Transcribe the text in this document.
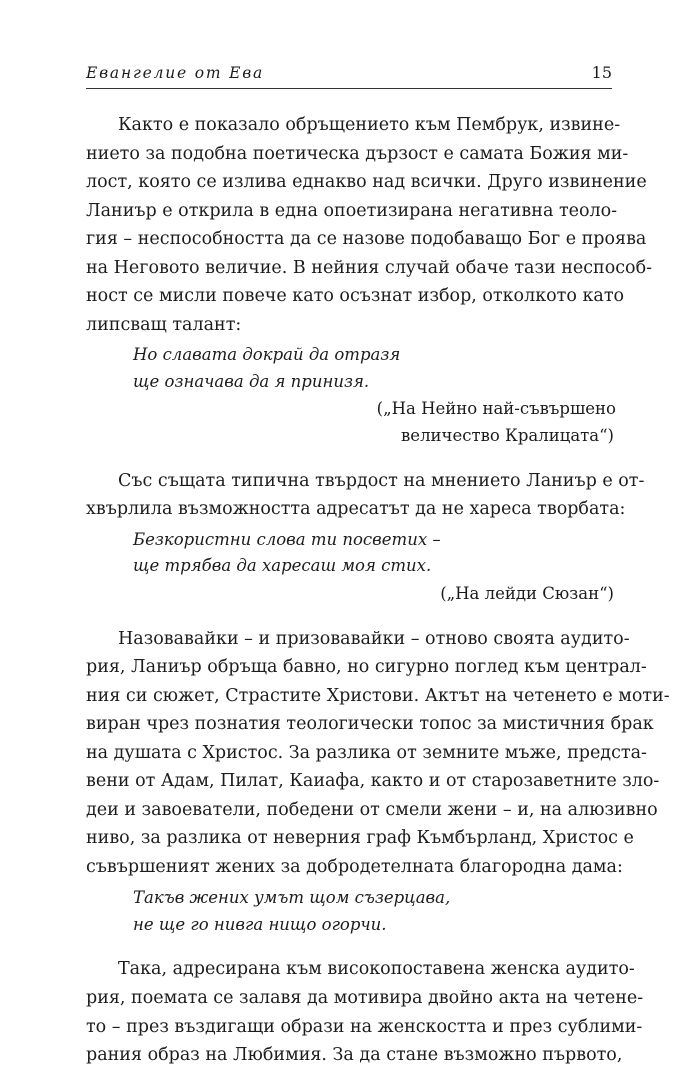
Евангелие от Ева	15
Както е показало обръщението към Пембрук, извине-
нието за подобна поетическа дързост е самата Божия ми-
лост, която се излива еднакво над всички. Друго извинение
Ланиър е открила в една опоетизирана негативна теоло-
гия – неспособността да се назове подобаващо Бог е проява
на Неговото величие. В нейния случай обаче тази неспособ-
ност се мисли повече като осъзнат избор, отколкото като
липсващ талант:
Но славата докрай да отразя
ще означава да я принизя.
(„На Нейно най-съвършено
величество Кралицата“)
Със същата типична твърдост на мнението Ланиър е от-
хвърлила възможността адресатът да не хареса творбата:
Безкористни слова ти посветих –
ще трябва да харесаш моя стих.
(„На лейди Сюзан“)
Назовавайки – и призовавайки – отново своята аудито-
рия, Ланиър обръща бавно, но сигурно поглед към централ-
ния си сюжет, Страстите Христови. Актът на четенето е моти-
виран чрез познатия теологически топос за мистичния брак
на душата с Христос. За разлика от земните мъже, предста-
вени от Адам, Пилат, Каиафа, както и от старозаветните зло-
деи и завоеватели, победени от смели жени – и, на алюзивно
ниво, за разлика от неверния граф Къмбърланд, Христос е
съвършеният жених за добродетелната благородна дама:
Такъв жених умът щом съзерцава,
не ще го нивга нищо огорчи.
Така, адресирана към високопоставена женска аудито-
рия, поемата се залавя да мотивира двойно акта на четене-
то – през въздигащи образи на женскостта и през сублими-
рания образ на Любимия. За да стане възможно първото,
